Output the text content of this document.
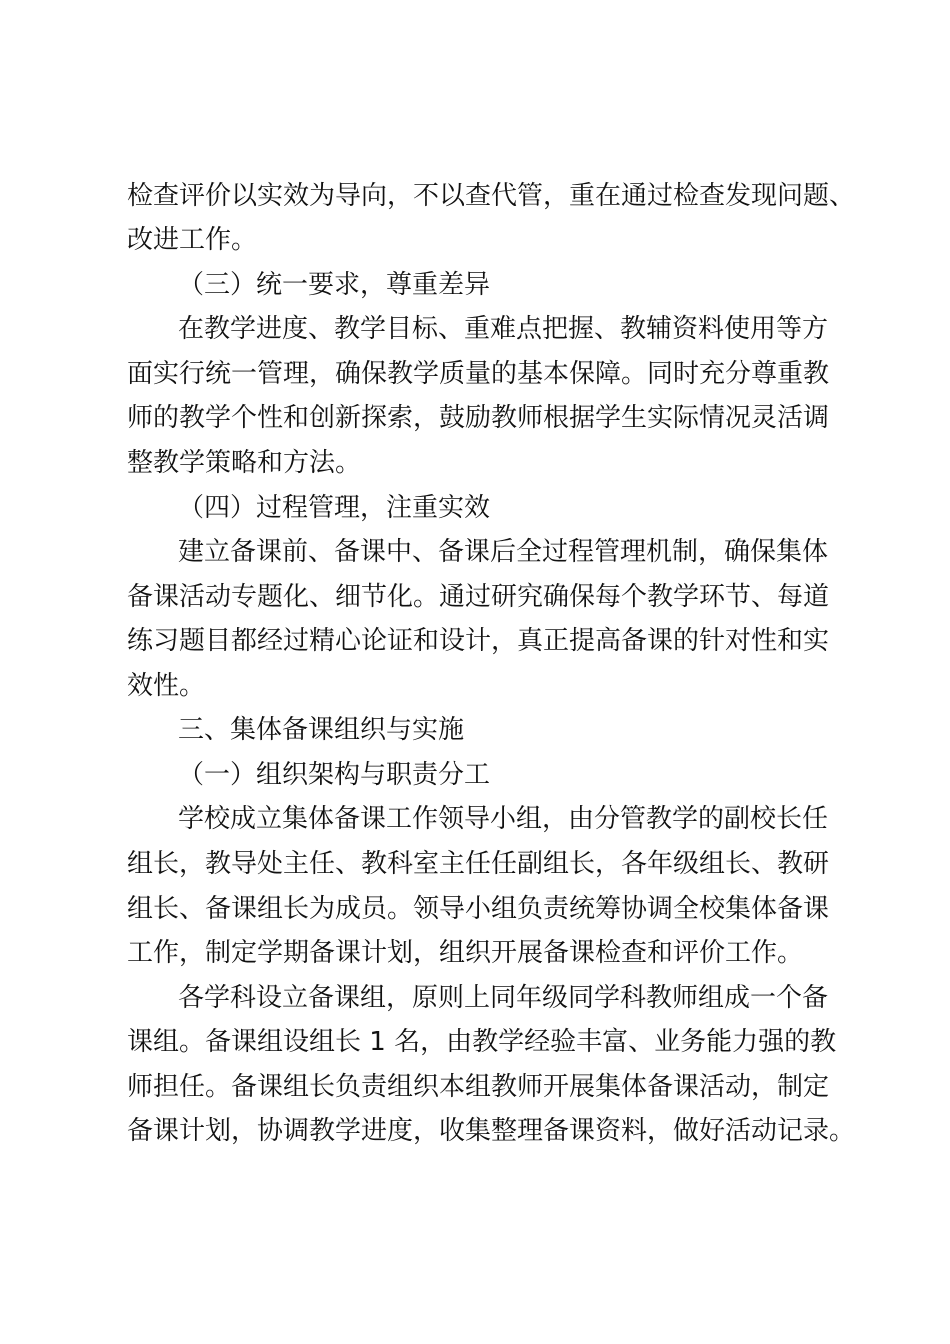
检查评价以实效为导向，不以查代管，重在通过检查发现问题、
改进工作。
（三）统一要求，尊重差异
在教学进度、教学目标、重难点把握、教辅资料使用等方
面实行统一管理，确保教学质量的基本保障。同时充分尊重教
师的教学个性和创新探索，鼓励教师根据学生实际情况灵活调
整教学策略和方法。
（四）过程管理，注重实效
建立备课前、备课中、备课后全过程管理机制，确保集体
备课活动专题化、细节化。通过研究确保每个教学环节、每道
练习题目都经过精心论证和设计，真正提高备课的针对性和实
效性。
三、集体备课组织与实施
（一）组织架构与职责分工
学校成立集体备课工作领导小组，由分管教学的副校长任
组长，教导处主任、教科室主任任副组长，各年级组长、教研
组长、备课组长为成员。领导小组负责统筹协调全校集体备课
工作，制定学期备课计划，组织开展备课检查和评价工作。
各学科设立备课组，原则上同年级同学科教师组成一个备
课组。备课组设组长 1 名，由教学经验丰富、业务能力强的教
师担任。备课组长负责组织本组教师开展集体备课活动，制定
备课计划，协调教学进度，收集整理备课资料，做好活动记录。
